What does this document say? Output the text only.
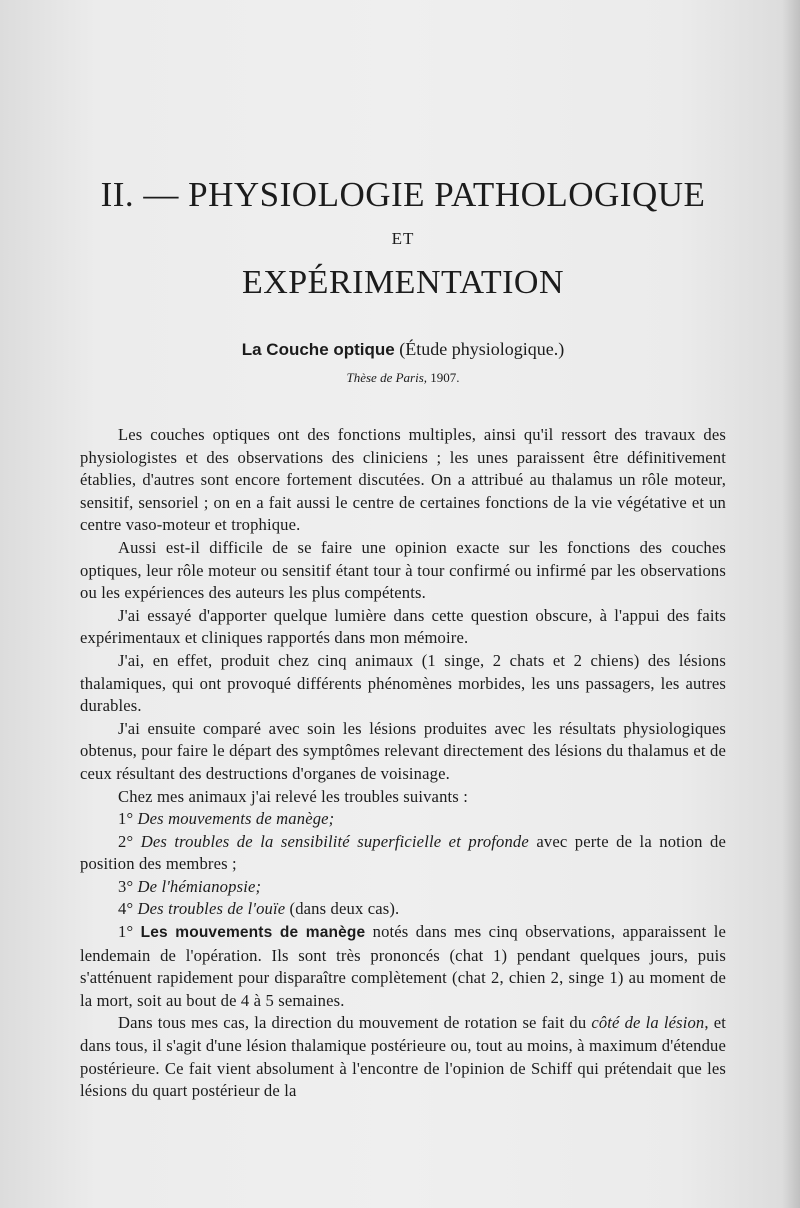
II. — PHYSIOLOGIE PATHOLOGIQUE
ET
EXPÉRIMENTATION
La Couche optique (Étude physiologique.)
Thèse de Paris, 1907.

Les couches optiques ont des fonctions multiples, ainsi qu'il ressort des travaux des physiologistes et des observations des cliniciens ; les unes paraissent être définitivement établies, d'autres sont encore fortement discutées. On a attribué au thalamus un rôle moteur, sensitif, sensoriel ; on en a fait aussi le centre de certaines fonctions de la vie végétative et un centre vaso-moteur et trophique.

Aussi est-il difficile de se faire une opinion exacte sur les fonctions des couches optiques, leur rôle moteur ou sensitif étant tour à tour confirmé ou infirmé par les observations ou les expériences des auteurs les plus compétents.

J'ai essayé d'apporter quelque lumière dans cette question obscure, à l'appui des faits expérimentaux et cliniques rapportés dans mon mémoire.

J'ai, en effet, produit chez cinq animaux (1 singe, 2 chats et 2 chiens) des lésions thalamiques, qui ont provoqué différents phénomènes morbides, les uns passagers, les autres durables.

J'ai ensuite comparé avec soin les lésions produites avec les résultats physiologiques obtenus, pour faire le départ des symptômes relevant directement des lésions du thalamus et de ceux résultant des destructions d'organes de voisinage.

Chez mes animaux j'ai relevé les troubles suivants :

1° Des mouvements de manège;

2° Des troubles de la sensibilité superficielle et profonde avec perte de la notion de position des membres ;

3° De l'hémianopsie;

4° Des troubles de l'ouïe (dans deux cas).

1° Les mouvements de manège notés dans mes cinq observations, apparaissent le lendemain de l'opération. Ils sont très prononcés (chat 1) pendant quelques jours, puis s'atténuent rapidement pour disparaître complètement (chat 2, chien 2, singe 1) au moment de la mort, soit au bout de 4 à 5 semaines.

Dans tous mes cas, la direction du mouvement de rotation se fait du côté de la lésion, et dans tous, il s'agit d'une lésion thalamique postérieure ou, tout au moins, à maximum d'étendue postérieure. Ce fait vient absolument à l'encontre de l'opinion de Schiff qui prétendait que les lésions du quart postérieur de la
